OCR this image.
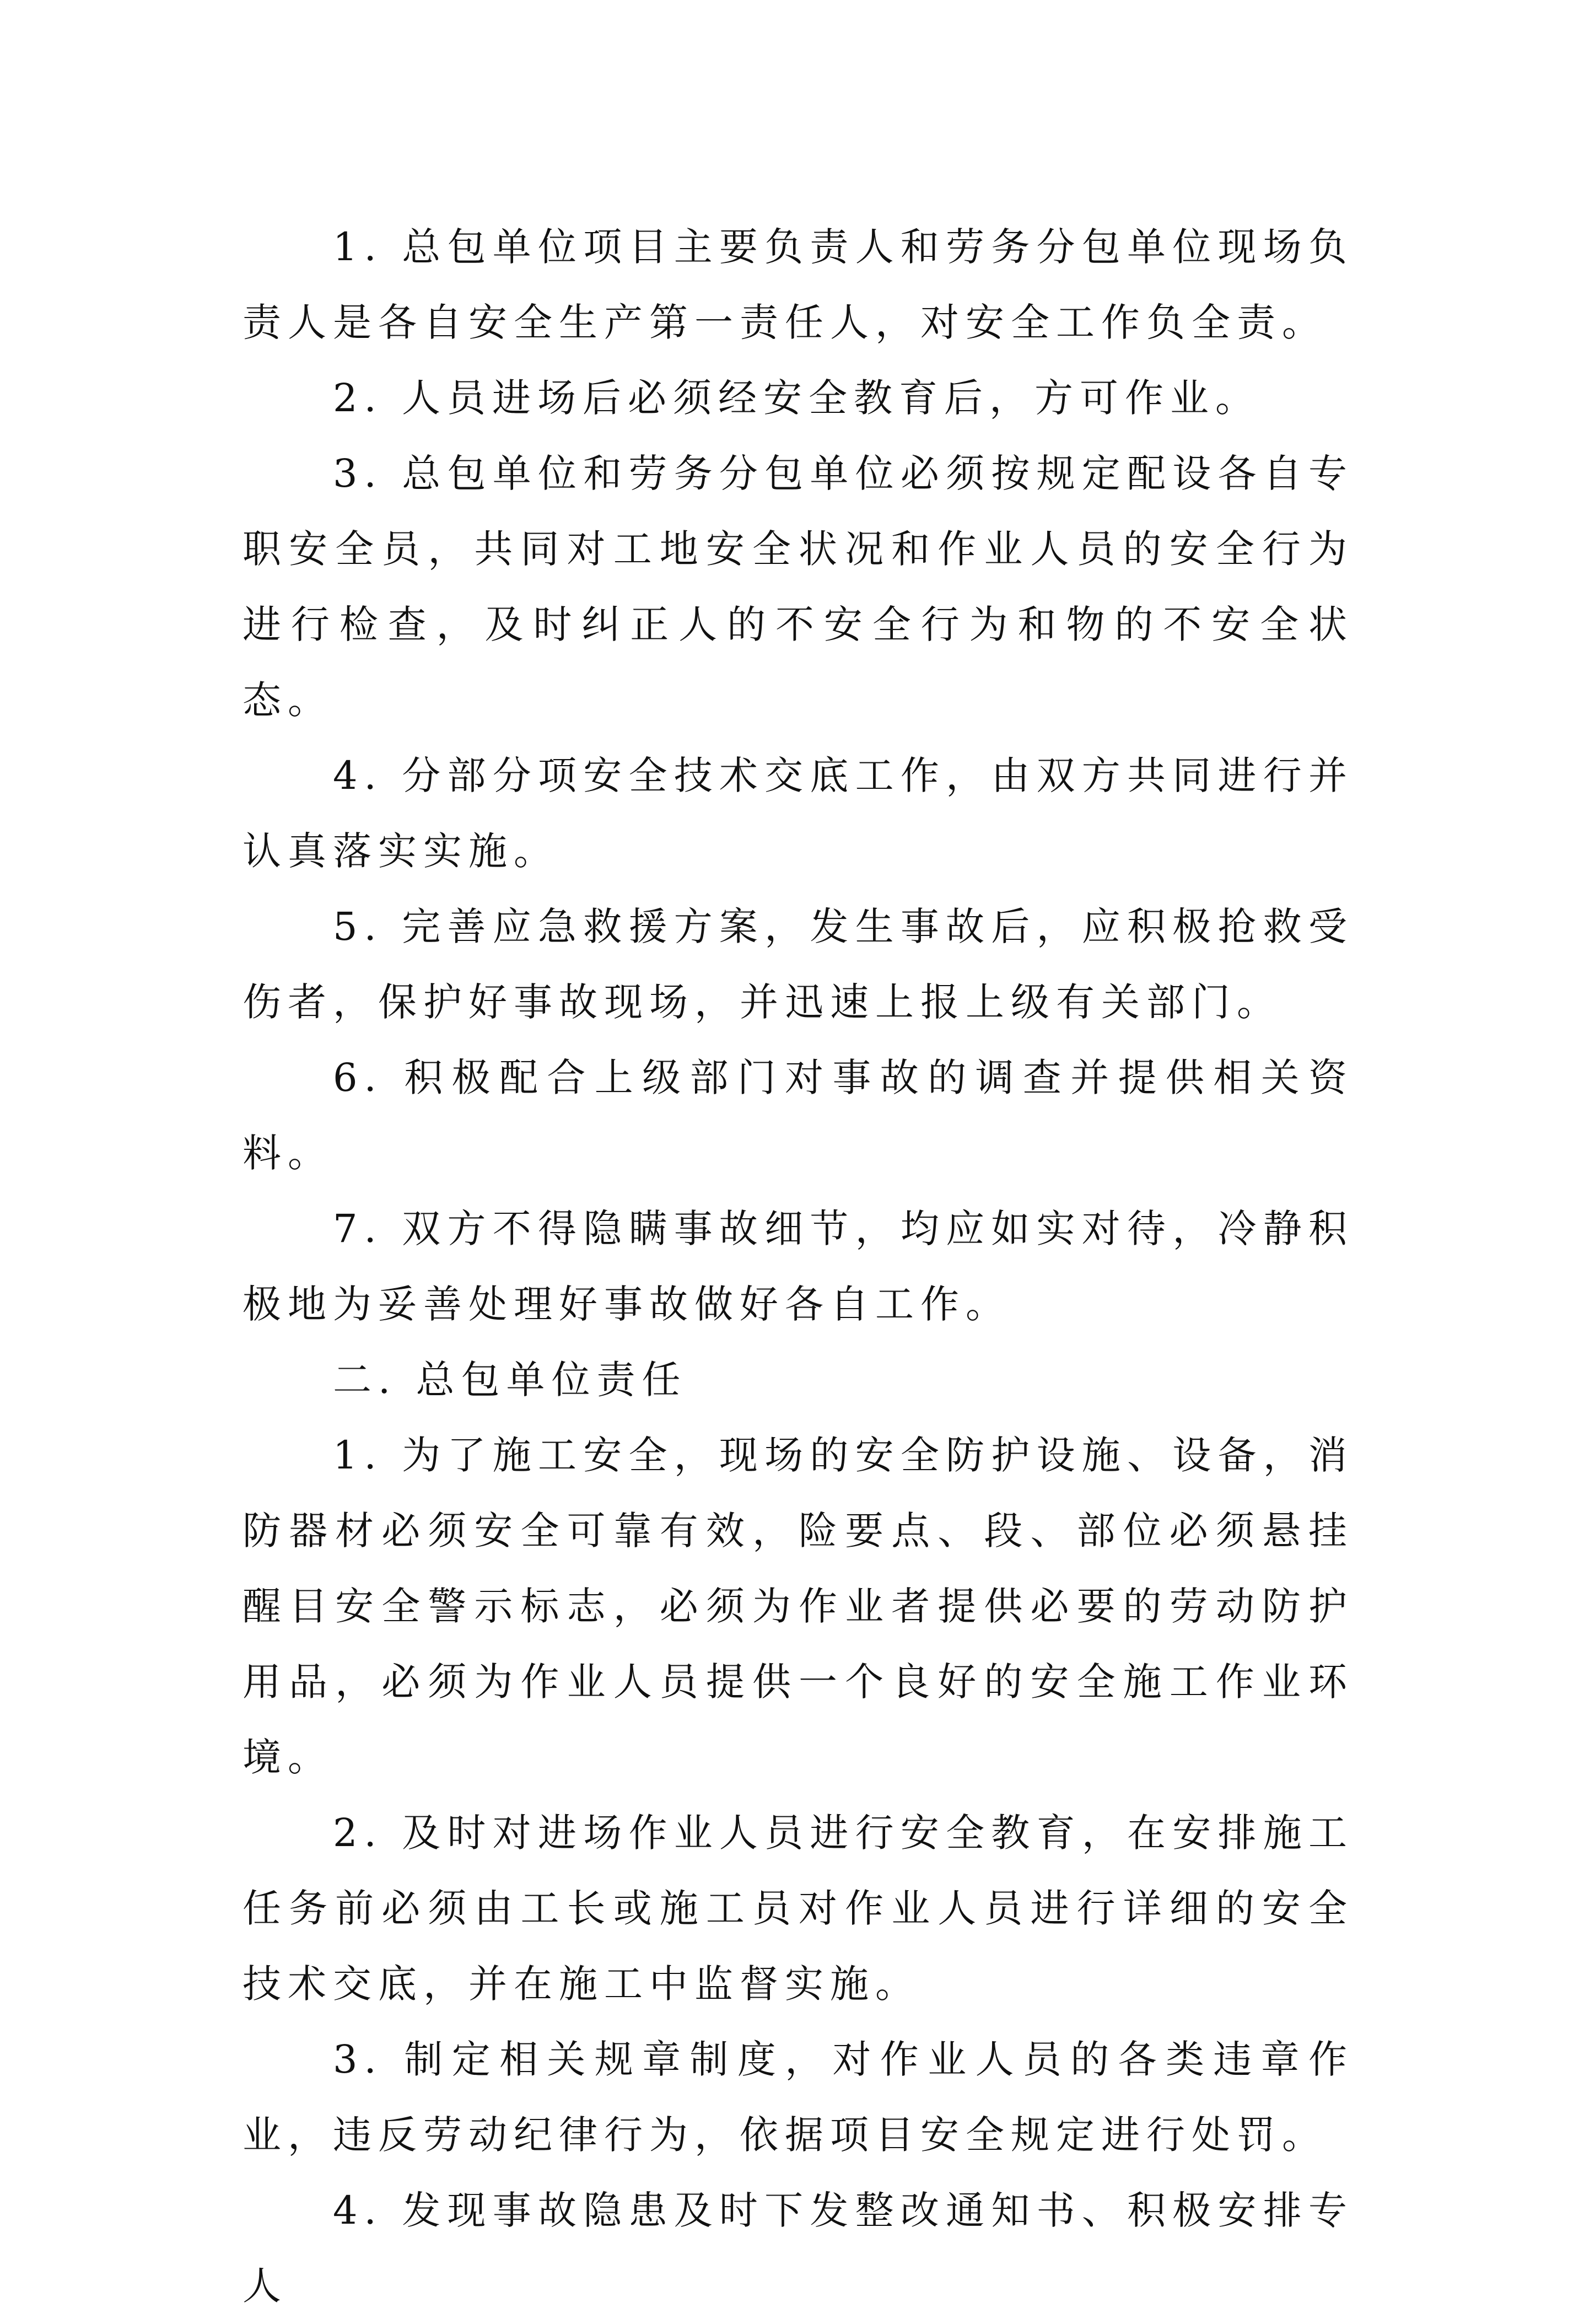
1. 总包单位项目主要负责人和劳务分包单位现场负责人是各自安全生产第一责任人，对安全工作负全责。

2. 人员进场后必须经安全教育后，方可作业。

3. 总包单位和劳务分包单位必须按规定配设各自专职安全员，共同对工地安全状况和作业人员的安全行为进行检查，及时纠正人的不安全行为和物的不安全状态。

4. 分部分项安全技术交底工作，由双方共同进行并认真落实实施。

5. 完善应急救援方案，发生事故后，应积极抢救受伤者，保护好事故现场，并迅速上报上级有关部门。

6. 积极配合上级部门对事故的调查并提供相关资料。

7. 双方不得隐瞒事故细节，均应如实对待，冷静积极地为妥善处理好事故做好各自工作。

二. 总包单位责任

1. 为了施工安全，现场的安全防护设施、设备，消防器材必须安全可靠有效，险要点、段、部位必须悬挂醒目安全警示标志，必须为作业者提供必要的劳动防护用品，必须为作业人员提供一个良好的安全施工作业环境。

2. 及时对进场作业人员进行安全教育，在安排施工任务前必须由工长或施工员对作业人员进行详细的安全技术交底，并在施工中监督实施。

3. 制定相关规章制度，对作业人员的各类违章作业，违反劳动纪律行为，依据项目安全规定进行处罚。

4. 发现事故隐患及时下发整改通知书、积极安排专人
